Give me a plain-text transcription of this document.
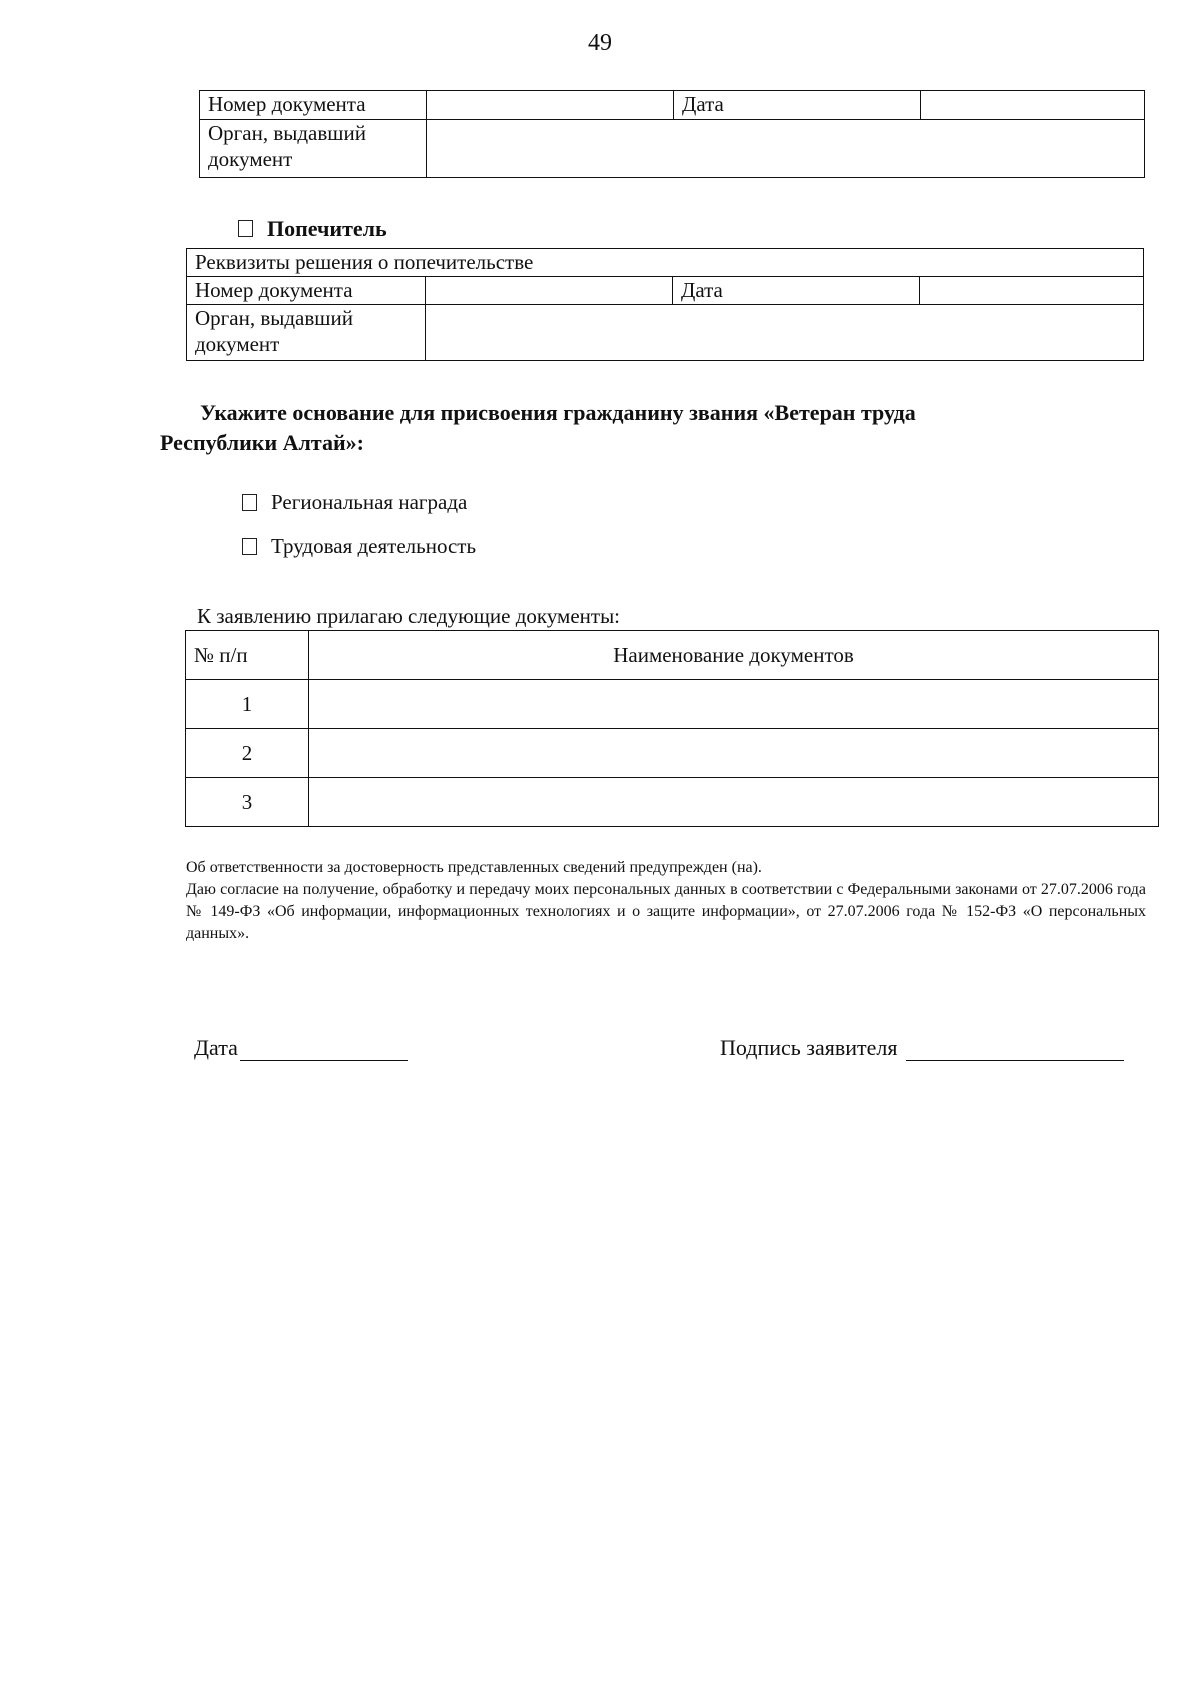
49
Номер документа		Дата	
Орган, выдавший документ			
Попечитель
Реквизиты решения о попечительстве			
Номер документа		Дата	
Орган, выдавший документ			
Укажите основание для присвоения гражданину звания «Ветеран труда
Республики Алтай»:
Региональная награда
Трудовая деятельность
К заявлению прилагаю следующие документы:
№ п/п	Наименование документов
1	
2	
3	

Об ответственности за достоверность представленных сведений предупрежден (на).

Даю согласие на получение, обработку и передачу моих персональных данных в соответствии с Федеральными законами от 27.07.2006 года № 149-ФЗ «Об информации, информационных технологиях и о защите информации», от 27.07.2006 года № 152-ФЗ «О персональных данных».

Дата	Подпись заявителя
